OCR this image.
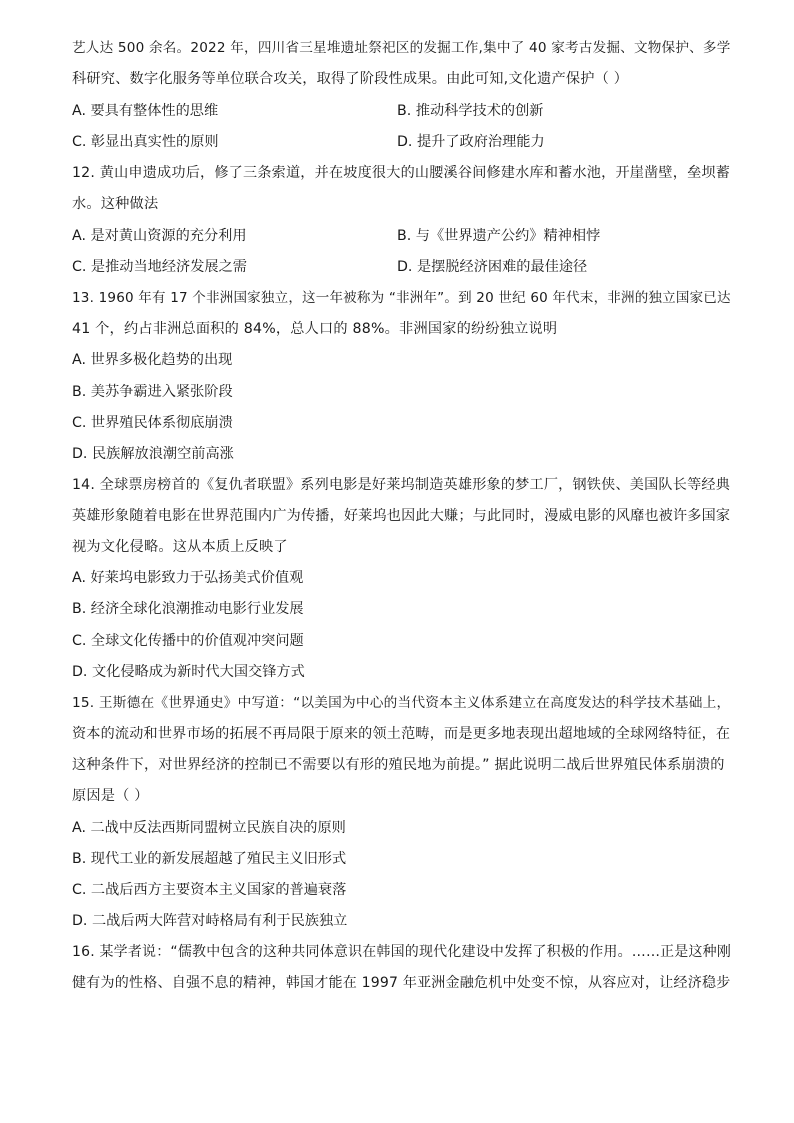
艺人达 500 余名。2022 年，四川省三星堆遗址祭祀区的发掘工作,集中了 40 家考古发掘、文物保护、多学
科研究、数字化服务等单位联合攻关，取得了阶段性成果。由此可知,文化遗产保护（ ）
A. 要具有整体性的思维	B. 推动科学技术的创新
C. 彰显出真实性的原则	D. 提升了政府治理能力
12. 黄山申遗成功后，修了三条索道，并在坡度很大的山腰溪谷间修建水库和蓄水池，开崖凿壁，垒坝蓄
水。这种做法
A. 是对黄山资源的充分利用	B. 与《世界遗产公约》精神相悖
C. 是推动当地经济发展之需	D. 是摆脱经济困难的最佳途径
13. 1960 年有 17 个非洲国家独立，这一年被称为 “非洲年”。到 20 世纪 60 年代末，非洲的独立国家已达
41 个，约占非洲总面积的 84%，总人口的 88%。非洲国家的纷纷独立说明
A. 世界多极化趋势的出现
B. 美苏争霸进入紧张阶段
C. 世界殖民体系彻底崩溃
D. 民族解放浪潮空前高涨
14. 全球票房榜首的《复仇者联盟》系列电影是好莱坞制造英雄形象的梦工厂，钢铁侠、美国队长等经典
英雄形象随着电影在世界范围内广为传播，好莱坞也因此大赚；与此同时，漫威电影的风靡也被许多国家
视为文化侵略。这从本质上反映了
A. 好莱坞电影致力于弘扬美式价值观
B. 经济全球化浪潮推动电影行业发展
C. 全球文化传播中的价值观冲突问题
D. 文化侵略成为新时代大国交锋方式
15. 王斯德在《世界通史》中写道：“以美国为中心的当代资本主义体系建立在高度发达的科学技术基础上，
资本的流动和世界市场的拓展不再局限于原来的领土范畴，而是更多地表现出超地域的全球网络特征，在
这种条件下，对世界经济的控制已不需要以有形的殖民地为前提。” 据此说明二战后世界殖民体系崩溃的
原因是（ ）
A. 二战中反法西斯同盟树立民族自决的原则
B. 现代工业的新发展超越了殖民主义旧形式
C. 二战后西方主要资本主义国家的普遍衰落
D. 二战后两大阵营对峙格局有利于民族独立
16. 某学者说：“儒教中包含的这种共同体意识在韩国的现代化建设中发挥了积极的作用。……正是这种刚
健有为的性格、自强不息的精神，韩国才能在 1997 年亚洲金融危机中处变不惊，从容应对，让经济稳步
